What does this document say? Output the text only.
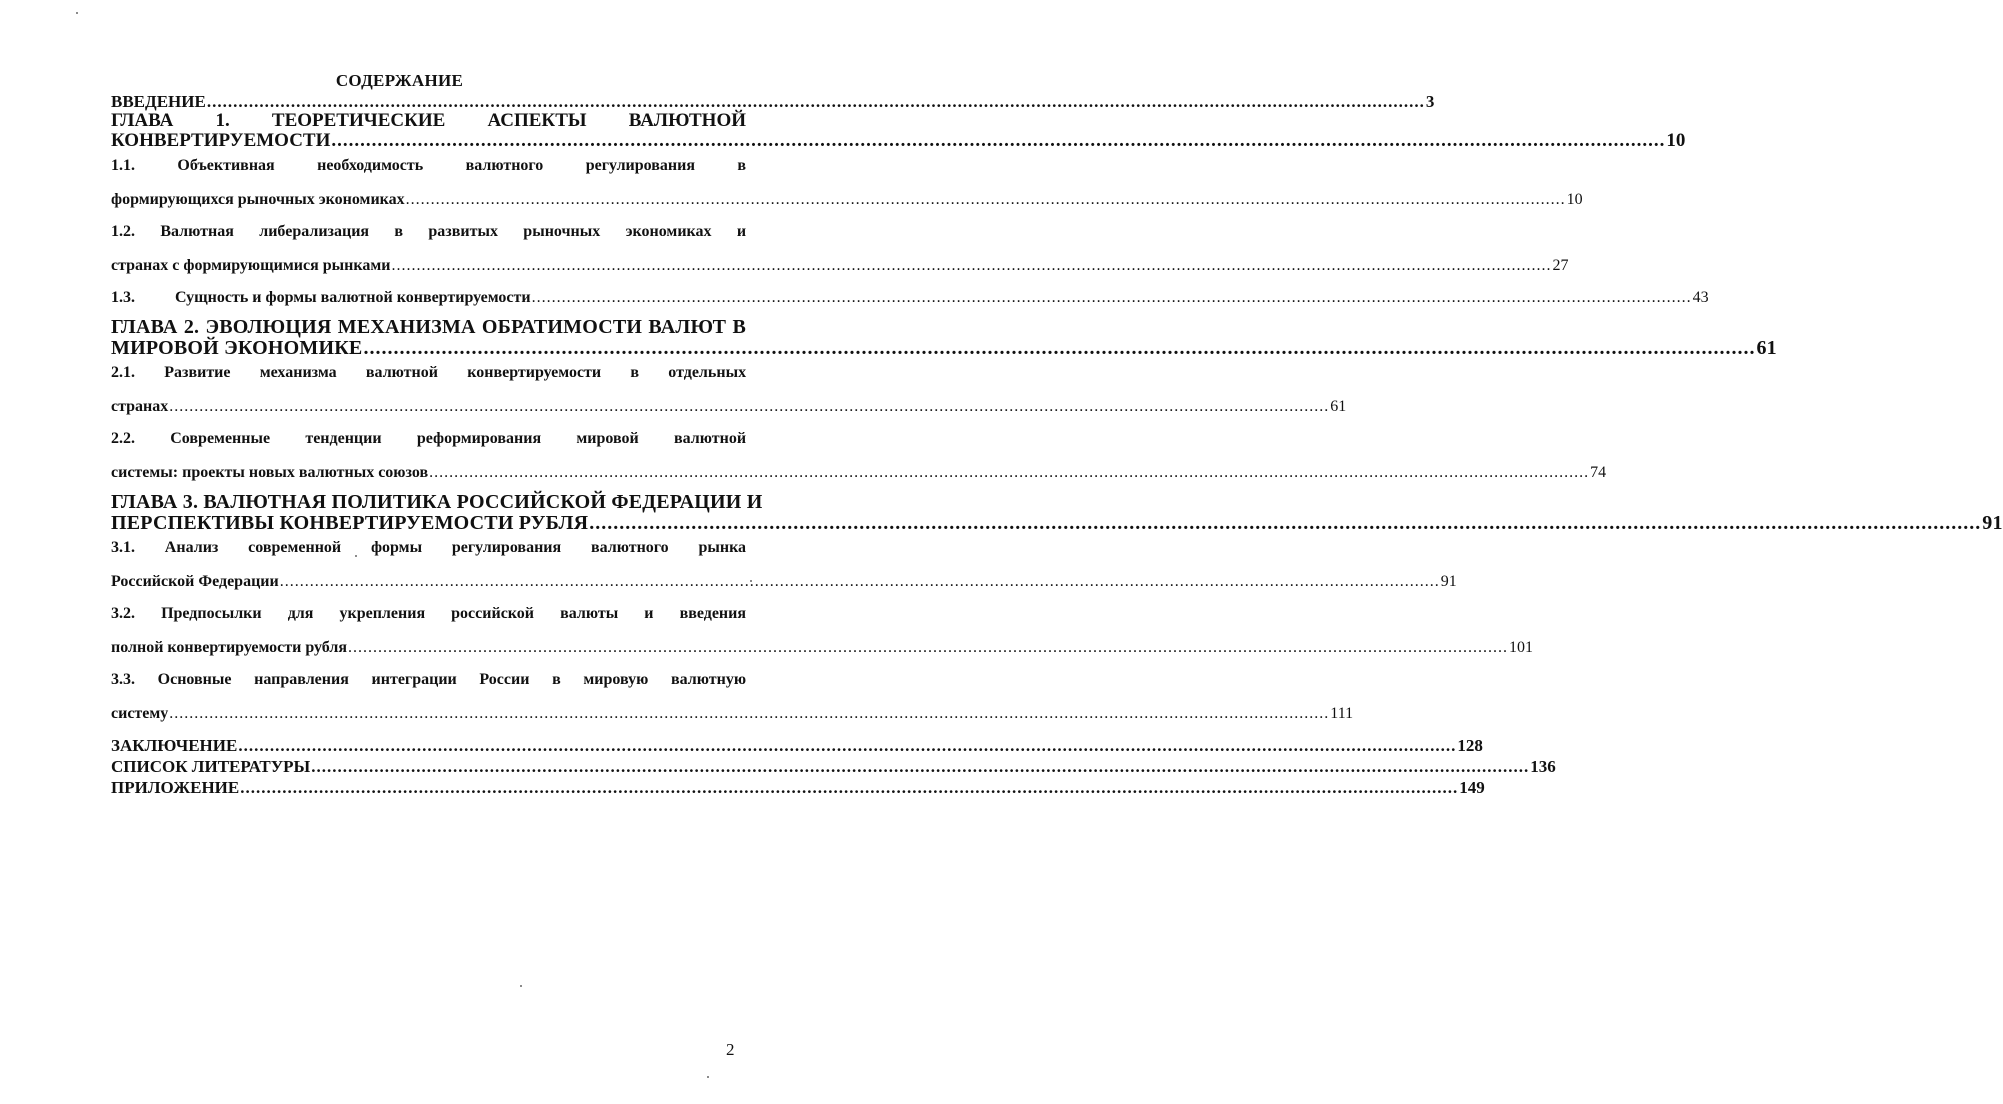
СОДЕРЖАНИЕ
ВВЕДЕНИЕ .....	3
ГЛАВА 1. ТЕОРЕТИЧЕСКИЕ АСПЕКТЫ ВАЛЮТНОЙ
КОНВЕРТИРУЕМОСТИ .....	10
1.1.	Объективная	необходимость	валютного	регулирования	в
формирующихся рыночных экономиках .....	10
1.2. Валютная либерализация в развитых рыночных экономиках и
странах с формирующимися рынками .....	27
1.3.	Сущность и формы валютной конвертируемости .....	43
ГЛАВА 2. ЭВОЛЮЦИЯ МЕХАНИЗМА ОБРАТИМОСТИ ВАЛЮТ В
МИРОВОЙ ЭКОНОМИКЕ .....	61
2.1. Развитие механизма валютной конвертируемости в отдельных
странах .....	61
2.2. Современные тенденции реформирования мировой валютной
системы: проекты новых валютных союзов .....	74
ГЛАВА 3. ВАЛЮТНАЯ ПОЛИТИКА РОССИЙСКОЙ ФЕДЕРАЦИИ И
ПЕРСПЕКТИВЫ КОНВЕРТИРУЕМОСТИ РУБЛЯ .....	91
3.1. Анализ современной формы регулирования валютного рынка
Российской Федерации .....	91
3.2. Предпосылки для укрепления российской валюты и введения
полной конвертируемости рубля .....	101
3.3. Основные направления интеграции России в мировую валютную
систему .....	111
ЗАКЛЮЧЕНИЕ .....	128
СПИСОК ЛИТЕРАТУРЫ .....	136
ПРИЛОЖЕНИЕ .....	149
2
